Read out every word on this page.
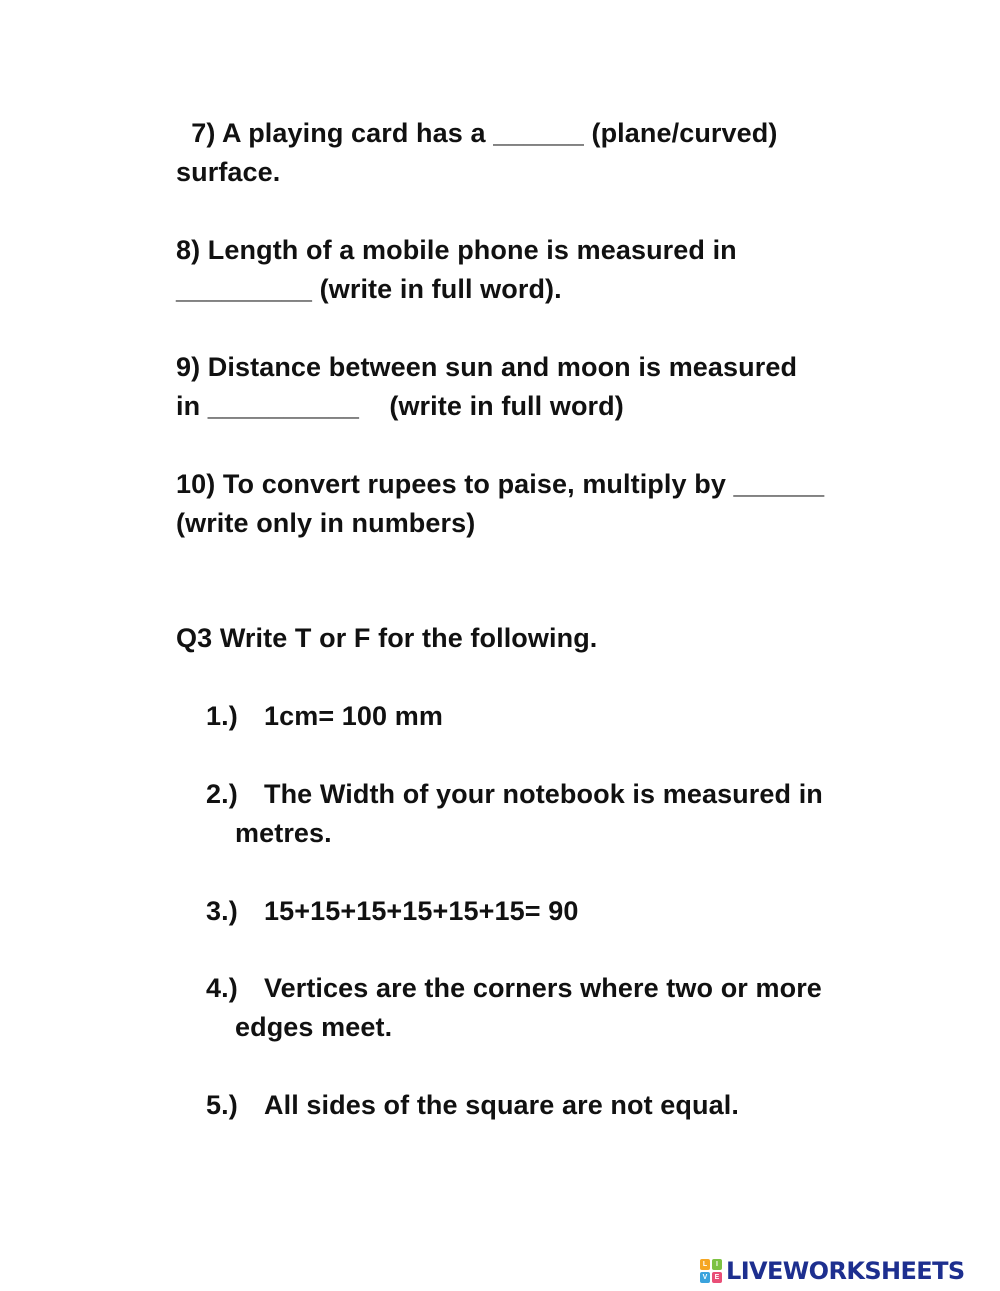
7) A playing card has a ______ (plane/curved)

surface.

8) Length of a mobile phone is measured in

_________ (write in full word).

9) Distance between sun and moon is measured

in __________    (write in full word)

10) To convert rupees to paise, multiply by ______

(write only in numbers)

Q3 Write T or F for the following.

1.) 1cm= 100 mm

2.) The Width of your notebook is measured in

metres.

3.) 15+15+15+15+15+15= 90

4.) Vertices are the corners where two or more

edges meet.

5.) All sides of the square are not equal.

L	I
V	E LIVEWORKSHEETS
